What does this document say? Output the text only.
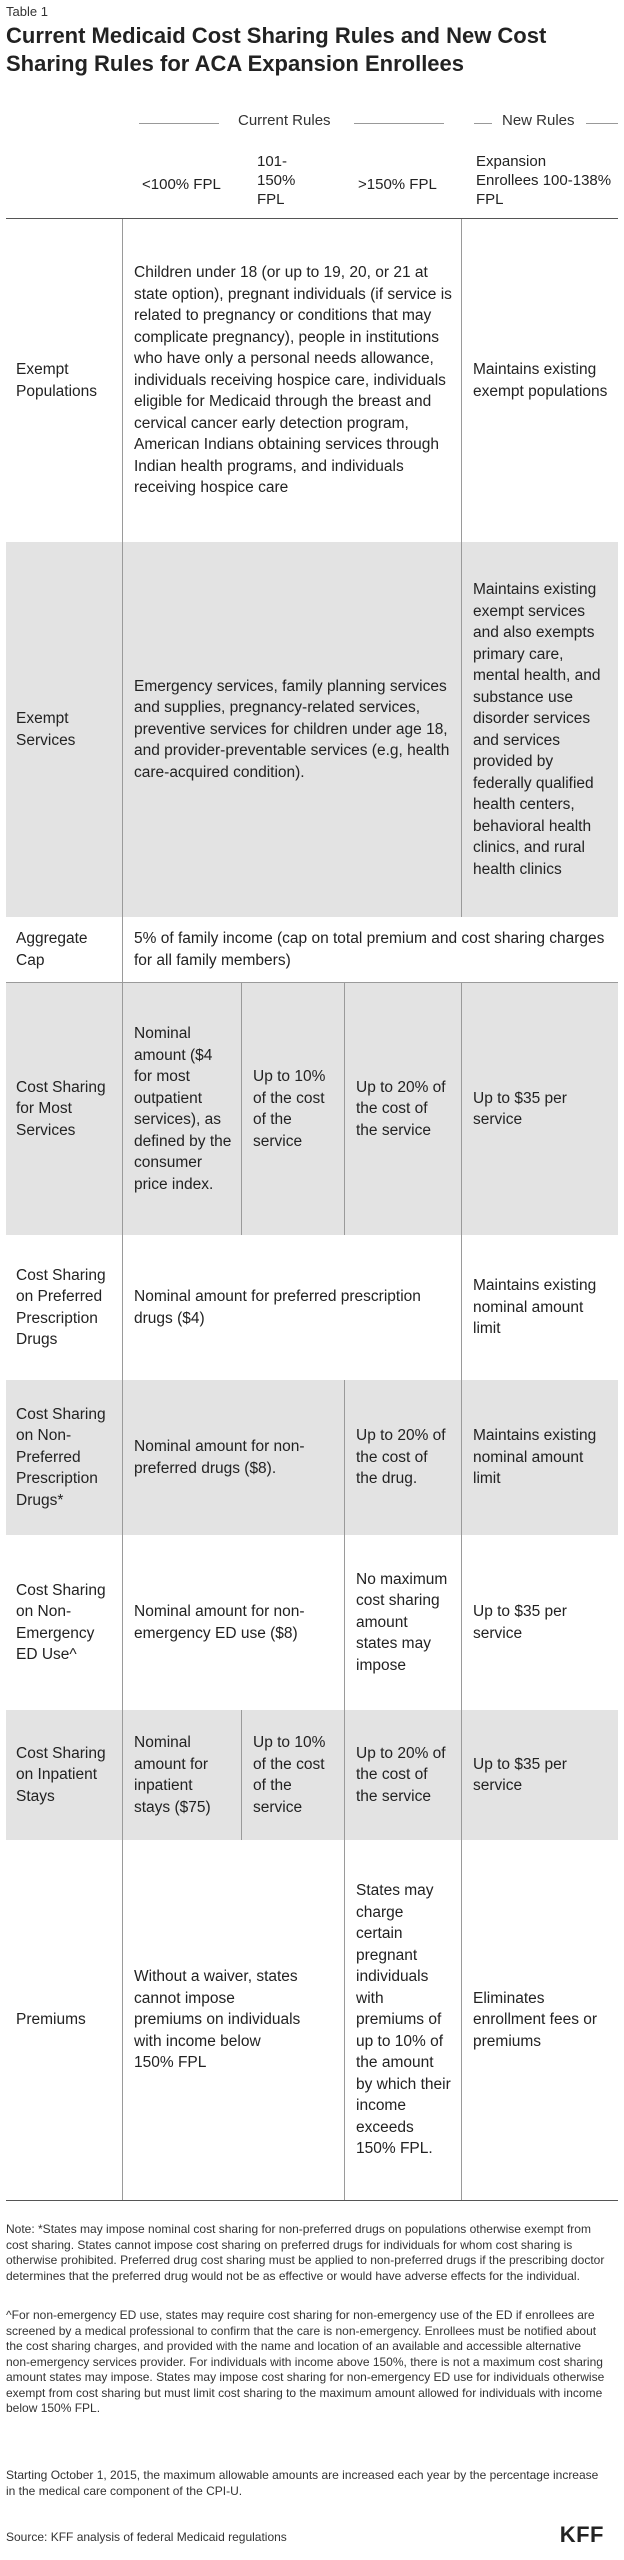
Table 1
Current Medicaid Cost Sharing Rules and New Cost Sharing Rules for ACA Expansion Enrollees
Current Rules	New Rules
<100% FPL
101-150% FPL
>150% FPL
Expansion Enrollees 100-138% FPL
Exempt Populations
Children under 18 (or up to 19, 20, or 21 at state option), pregnant individuals (if service is related to pregnancy or conditions that may complicate pregnancy), people in institutions who have only a personal needs allowance, individuals receiving hospice care, individuals eligible for Medicaid through the breast and cervical cancer early detection program, American Indians obtaining services through Indian health programs, and individuals receiving hospice care
Maintains existing exempt populations
Exempt Services
Emergency services, family planning services and supplies, pregnancy-related services, preventive services for children under age 18, and provider-preventable services (e.g, health care-acquired condition).
Maintains existing exempt services and also exempts primary care, mental health, and substance use disorder services and services provided by federally qualified health centers, behavioral health clinics, and rural health clinics
Aggregate Cap
5% of family income (cap on total premium and cost sharing charges for all family members)
Cost Sharing for Most Services
Nominal amount ($4 for most outpatient services), as defined by the consumer price index.
Up to 10% of the cost of the service
Up to 20% of the cost of the service
Up to $35 per service
Cost Sharing on Preferred Prescription Drugs
Nominal amount for preferred prescription drugs ($4)
Maintains existing nominal amount limit
Cost Sharing on Non-Preferred Prescription Drugs*
Nominal amount for non-preferred drugs ($8).
Up to 20% of the cost of the drug.
Maintains existing nominal amount limit
Cost Sharing on Non-Emergency ED Use^
Nominal amount for non-emergency ED use ($8)
No maximum cost sharing amount states may impose
Up to $35 per service
Cost Sharing on Inpatient Stays
Nominal amount for inpatient stays ($75)
Up to 10% of the cost of the service
Up to 20% of the cost of the service
Up to $35 per service
Premiums
Without a waiver, states cannot impose premiums on individuals with income below 150% FPL
States may charge certain pregnant individuals with premiums of up to 10% of the amount by which their income exceeds 150% FPL.
Eliminates enrollment fees or premiums
Note: *States may impose nominal cost sharing for non-preferred drugs on populations otherwise exempt from cost sharing. States cannot impose cost sharing on preferred drugs for individuals for whom cost sharing is otherwise prohibited. Preferred drug cost sharing must be applied to non-preferred drugs if the prescribing doctor determines that the preferred drug would not be as effective or would have adverse effects for the individual.
^For non-emergency ED use, states may require cost sharing for non-emergency use of the ED if enrollees are screened by a medical professional to confirm that the care is non-emergency. Enrollees must be notified about the cost sharing charges, and provided with the name and location of an available and accessible alternative non-emergency services provider. For individuals with income above 150%, there is not a maximum cost sharing amount states may impose. States may impose cost sharing for non-emergency ED use for individuals otherwise exempt from cost sharing but must limit cost sharing to the maximum amount allowed for individuals with income below 150% FPL.
Starting October 1, 2015, the maximum allowable amounts are increased each year by the percentage increase in the medical care component of the CPI-U.
Source: KFF analysis of federal Medicaid regulations	KFF
